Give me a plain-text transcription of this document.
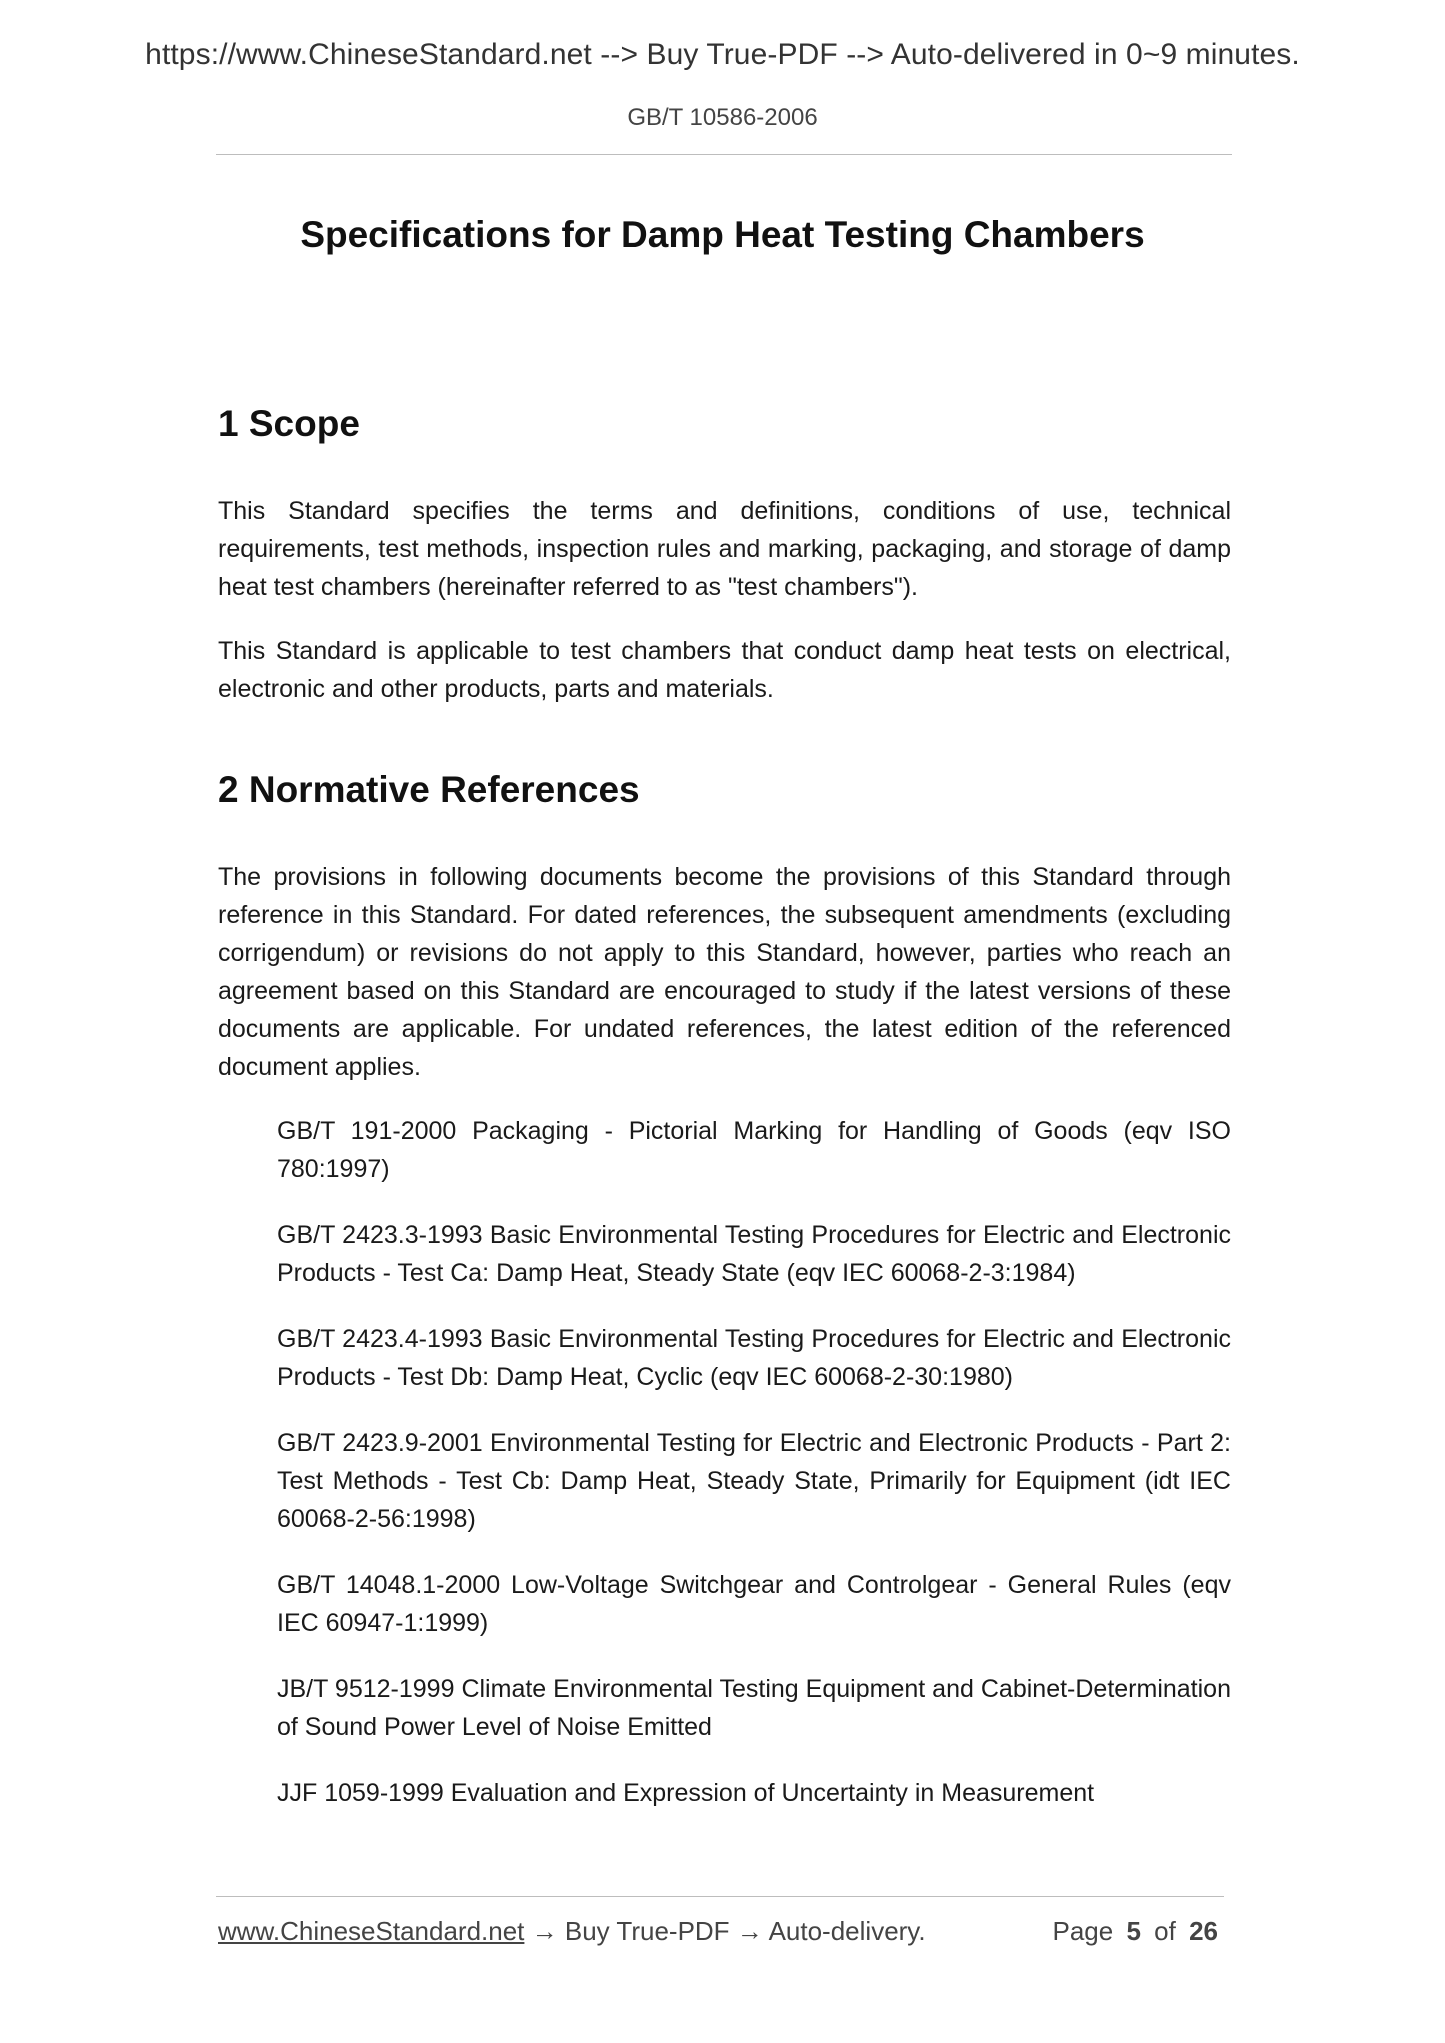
https://www.ChineseStandard.net --> Buy True-PDF --> Auto-delivered in 0~9 minutes.
GB/T 10586-2006
Specifications for Damp Heat Testing Chambers
1 Scope

This Standard specifies the terms and definitions, conditions of use, technical requirements, test methods, inspection rules and marking, packaging, and storage of damp heat test chambers (hereinafter referred to as "test chambers").

This Standard is applicable to test chambers that conduct damp heat tests on electrical, electronic and other products, parts and materials.

2 Normative References

The provisions in following documents become the provisions of this Standard through reference in this Standard. For dated references, the subsequent amendments (excluding corrigendum) or revisions do not apply to this Standard, however, parties who reach an agreement based on this Standard are encouraged to study if the latest versions of these documents are applicable. For undated references, the latest edition of the referenced document applies.

GB/T 191-2000 Packaging - Pictorial Marking for Handling of Goods (eqv ISO 780:1997)
GB/T 2423.3-1993 Basic Environmental Testing Procedures for Electric and Electronic Products - Test Ca: Damp Heat, Steady State (eqv IEC 60068-2-3:1984)
GB/T 2423.4-1993 Basic Environmental Testing Procedures for Electric and Electronic Products - Test Db: Damp Heat, Cyclic (eqv IEC 60068-2-30:1980)
GB/T 2423.9-2001 Environmental Testing for Electric and Electronic Products - Part 2: Test Methods - Test Cb: Damp Heat, Steady State, Primarily for Equipment (idt IEC 60068-2-56:1998)
GB/T 14048.1-2000 Low-Voltage Switchgear and Controlgear - General Rules (eqv IEC 60947-1:1999)
JB/T 9512-1999 Climate Environmental Testing Equipment and Cabinet-Determination of Sound Power Level of Noise Emitted
JJF 1059-1999 Evaluation and Expression of Uncertainty in Measurement
www.ChineseStandard.net → Buy True-PDF → Auto-delivery.	Page 5 of 26
